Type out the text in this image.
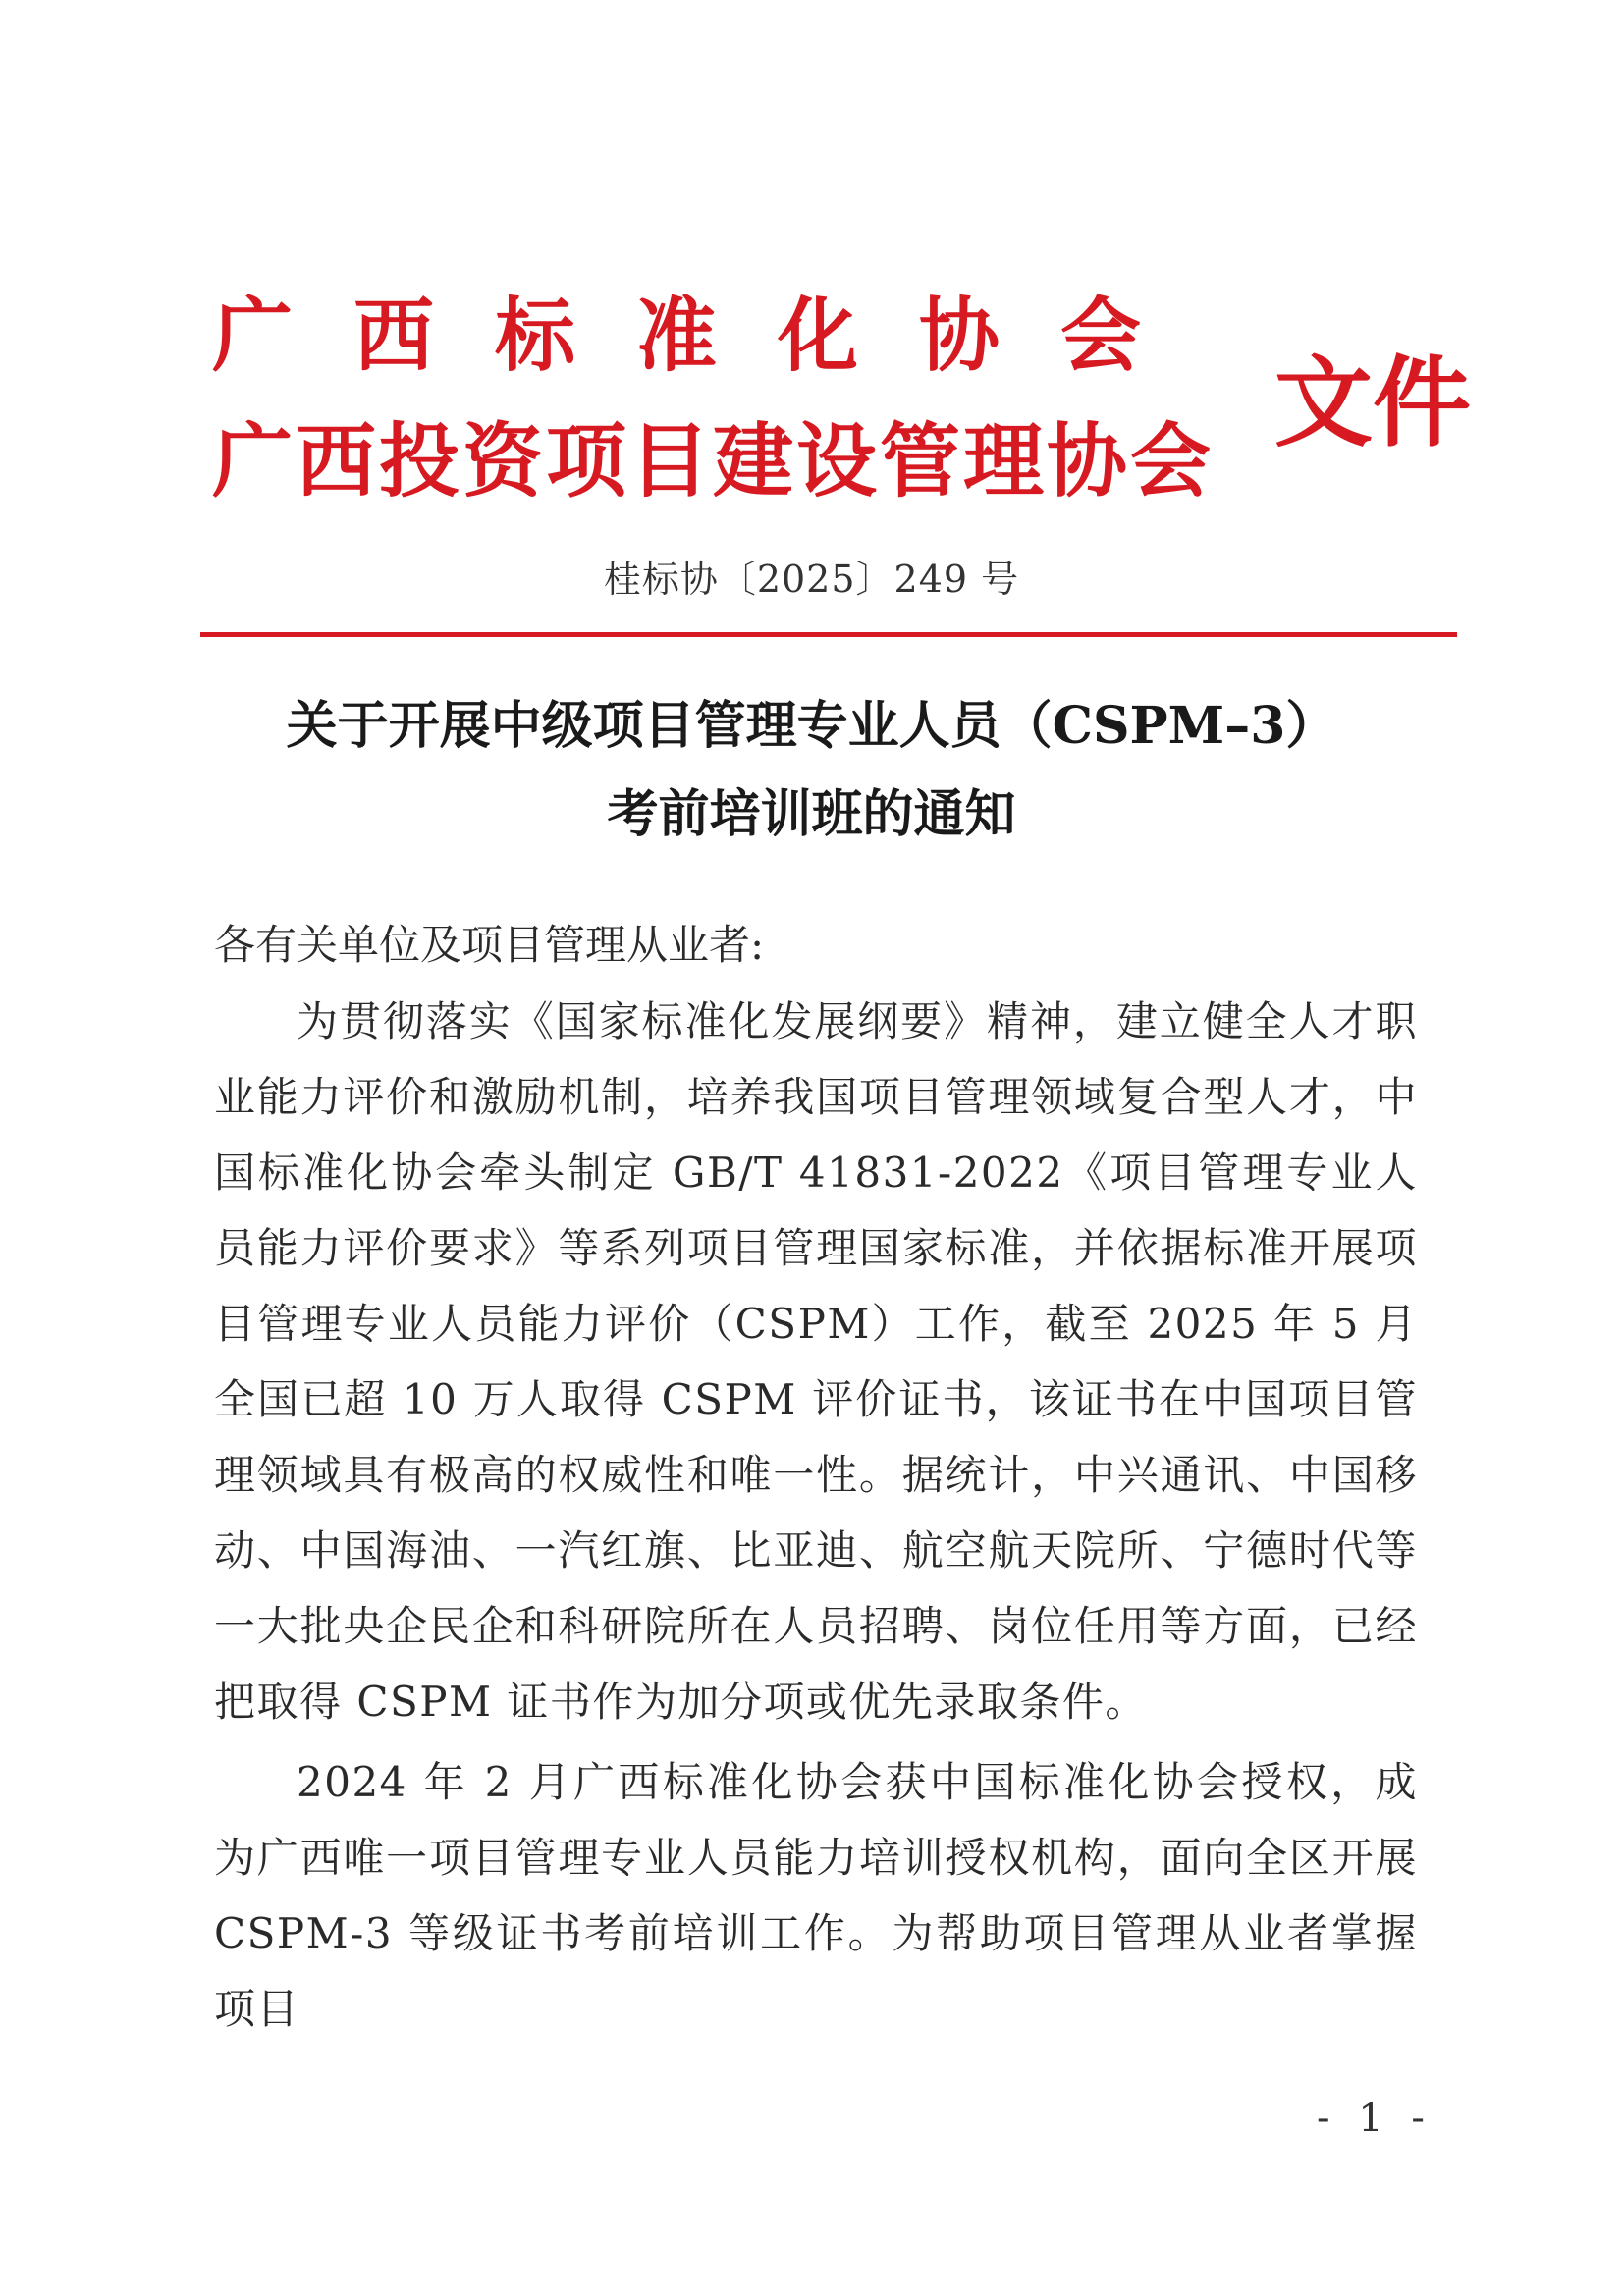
广西标准化协会
广西投资项目建设管理协会
文件
桂标协〔2025〕249 号
关于开展中级项目管理专业人员（CSPM–3）
考前培训班的通知
各有关单位及项目管理从业者:
为贯彻落实《国家标准化发展纲要》精神，建立健全人才职业能力评价和激励机制，培养我国项目管理领域复合型人才，中国标准化协会牵头制定 GB/T 41831-2022《项目管理专业人员能力评价要求》等系列项目管理国家标准，并依据标准开展项目管理专业人员能力评价（CSPM）工作，截至 2025 年 5 月全国已超 10 万人取得 CSPM 评价证书，该证书在中国项目管理领域具有极高的权威性和唯一性。据统计，中兴通讯、中国移动、中国海油、一汽红旗、比亚迪、航空航天院所、宁德时代等一大批央企民企和科研院所在人员招聘、岗位任用等方面，已经把取得 CSPM 证书作为加分项或优先录取条件。
2024 年 2 月广西标准化协会获中国标准化协会授权，成为广西唯一项目管理专业人员能力培训授权机构，面向全区开展 CSPM-3 等级证书考前培训工作。为帮助项目管理从业者掌握项目
- 1 -
